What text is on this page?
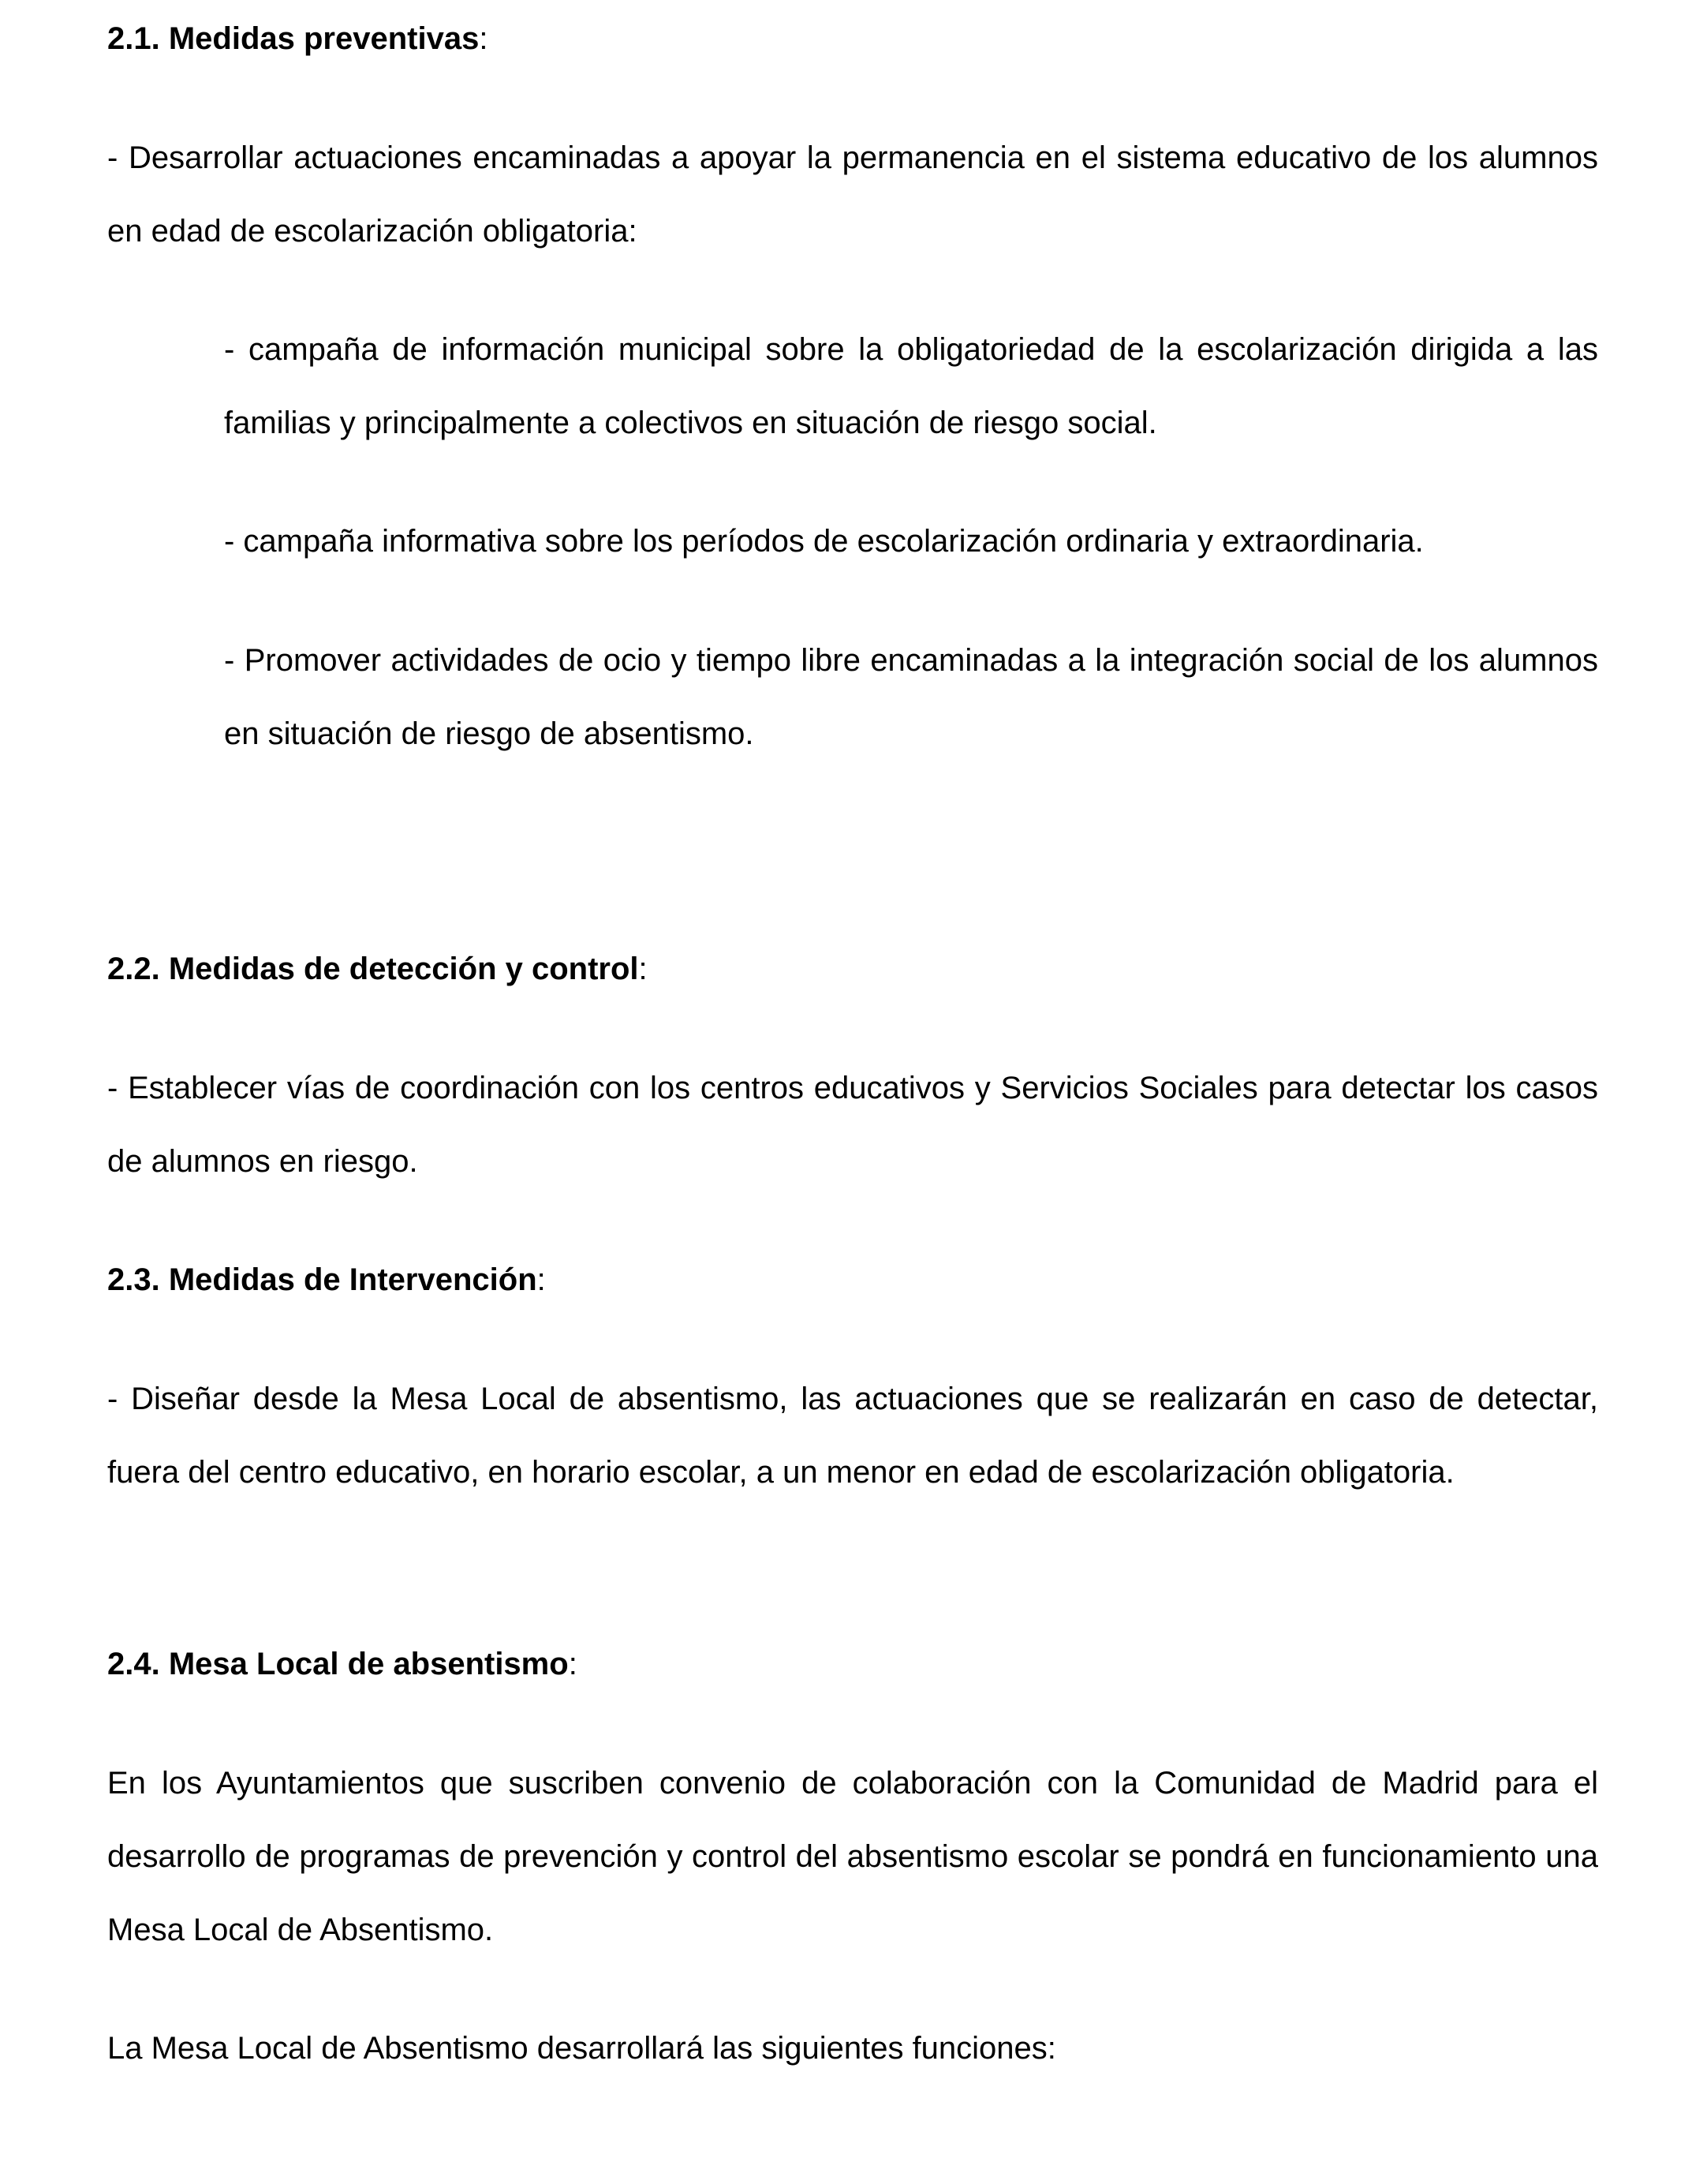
2.1. Medidas preventivas:

- Desarrollar actuaciones encaminadas a apoyar la permanencia en el sistema educativo de los alumnos en edad de escolarización obligatoria:

- campaña de información municipal sobre la obligatoriedad de la escolarización dirigida a las familias y principalmente a colectivos en situación de riesgo social.

- campaña informativa sobre los períodos de escolarización ordinaria y extraordinaria.

- Promover actividades de ocio y tiempo libre encaminadas a la integración social de los alumnos en situación de riesgo de absentismo.

2.2. Medidas de detección y control:

- Establecer vías de coordinación con los centros educativos y Servicios Sociales para detectar los casos de alumnos en riesgo.

2.3. Medidas de Intervención:

- Diseñar desde la Mesa Local de absentismo, las actuaciones que se realizarán en caso de detectar, fuera del centro educativo, en horario escolar, a un menor en edad de escolarización obligatoria.

2.4. Mesa Local de absentismo:

En los Ayuntamientos que suscriben convenio de colaboración con la Comunidad de Madrid para el desarrollo de programas de prevención y control del absentismo escolar se pondrá en funcionamiento una Mesa Local de Absentismo.

La Mesa Local de Absentismo desarrollará las siguientes funciones:
